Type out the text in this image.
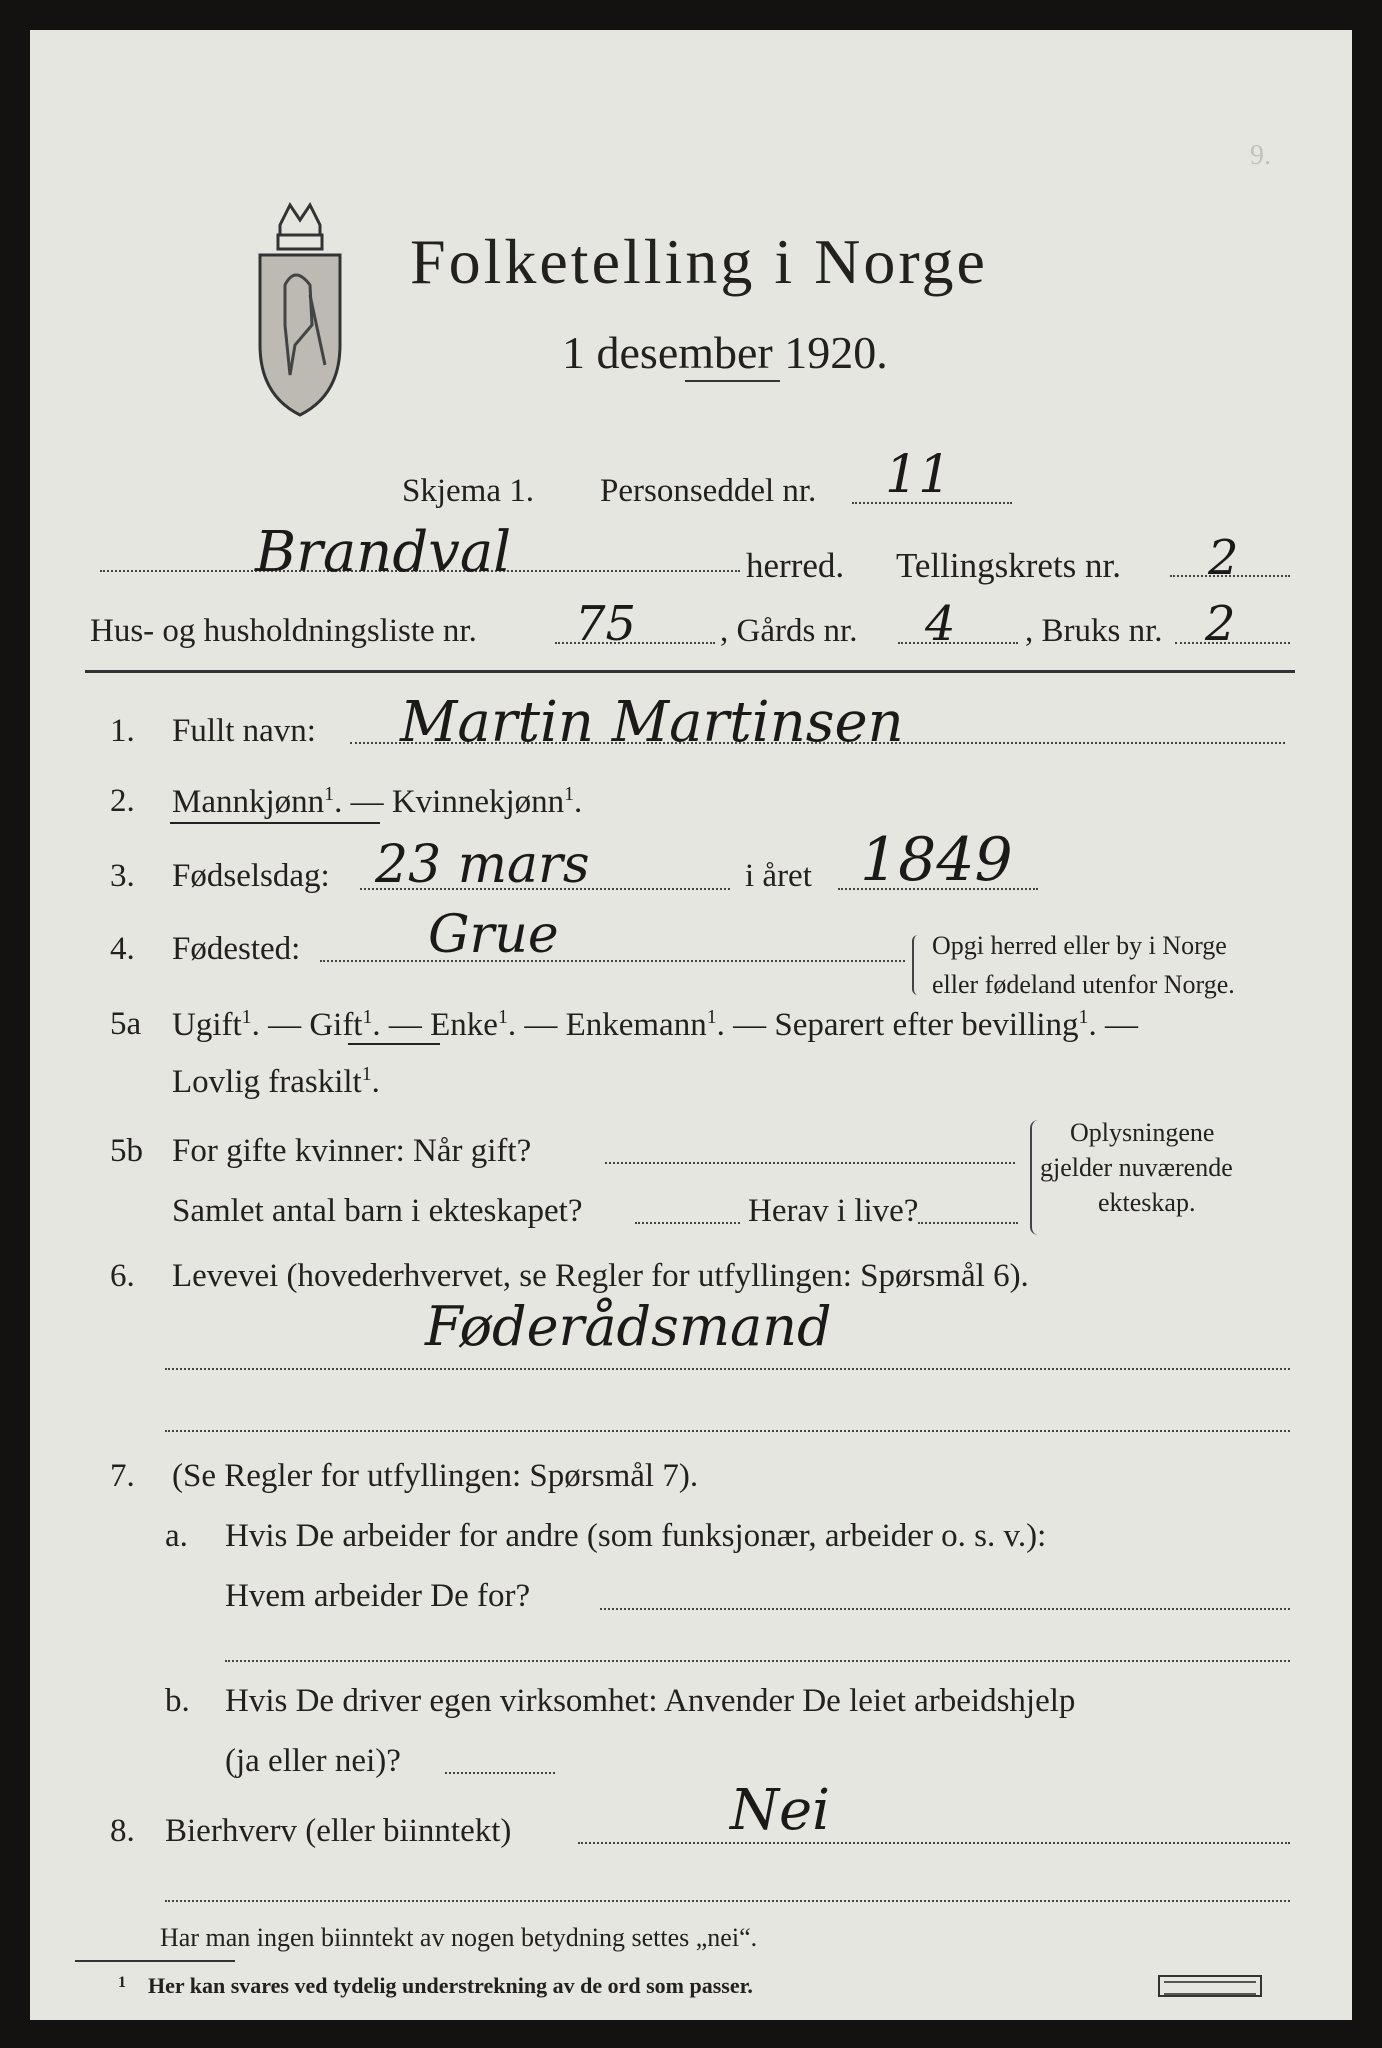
9.
Folketelling i Norge
1 desember 1920.
Skjema 1. Personseddel nr. 11
Brandval	herred. Tellingskrets nr. 2
Hus- og husholdningsliste nr. 75	, Gårds nr. 4 , Bruks nr. 2
1. Fullt navn: Martin Martinsen
2. Mannkjønn$^1$. — Kvinnekjønn$^1$.
3. Fødselsdag: 23 mars	i året 1849
4. Fødested: Grue	Opgi herred eller by i Norge
eller fødeland utenfor Norge.
5a Ugift$^1$. — Gift$^1$. — Enke$^1$. — Enkemann$^1$. — Separert efter bevilling$^1$. —
Lovlig fraskilt$^1$.
5b For gifte kvinner: Når gift?
Samlet antal barn i ekteskapet?	Herav i live?
Oplysningene
gjelder nuværende
ekteskap.
6. Levevei (hovederhvervet, se Regler for utfyllingen: Spørsmål 6).
Føderådsmand
7. (Se Regler for utfyllingen: Spørsmål 7).
a. Hvis De arbeider for andre (som funksjonær, arbeider o. s. v.):
Hvem arbeider De for?
b. Hvis De driver egen virksomhet: Anvender De leiet arbeidshjelp
(ja eller nei)?
8. Bierhverv (eller biinntekt)	Nei
Har man ingen biinntekt av nogen betydning settes „nei“.
1 Her kan svares ved tydelig understrekning av de ord som passer.
